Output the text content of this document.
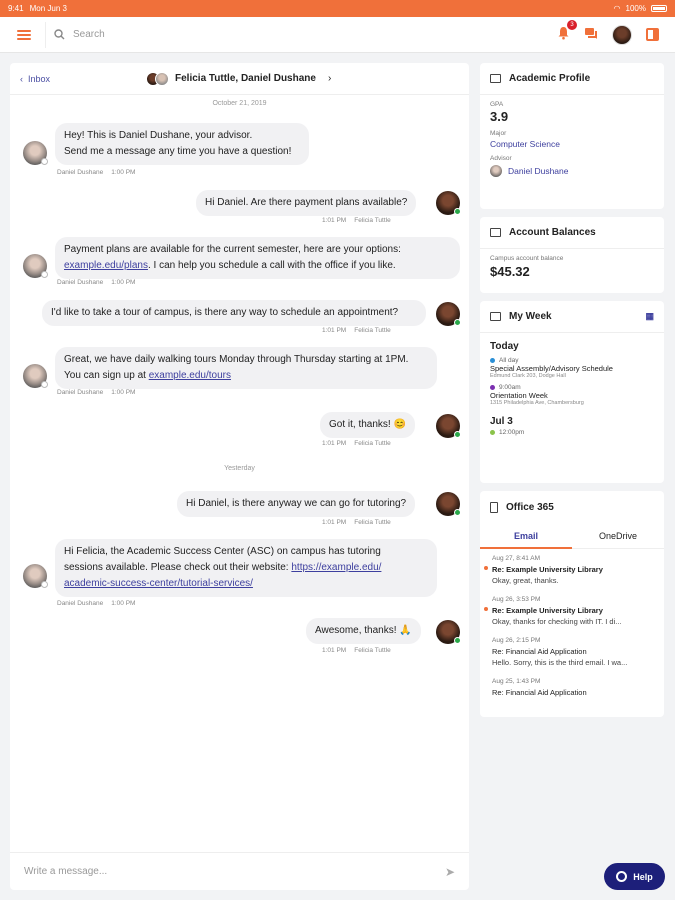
9:41 Mon Jun 3	◠ 100%
Search
3
‹ Inbox	Felicia Tuttle, Daniel Dushane ›
October 21, 2019
Hey! This is Daniel Dushane, your advisor.
Send me a message any time you have a question!
Daniel Dushane 1:00 PM
Hi Daniel. Are there payment plans available?
1:01 PM Felicia Tuttle
Payment plans are available for the current semester, here are your options:
example.edu/plans. I can help you schedule a call with the office if you like.
Daniel Dushane 1:00 PM
I'd like to take a tour of campus, is there any way to schedule an appointment?
1:01 PM Felicia Tuttle
Great, we have daily walking tours Monday through Thursday starting at 1PM.
You can sign up at example.edu/tours
Daniel Dushane 1:00 PM
Got it, thanks! 😊
1:01 PM Felicia Tuttle
Yesterday
Hi Daniel, is there anyway we can go for tutoring?
1:01 PM Felicia Tuttle
Hi Felicia, the Academic Success Center (ASC) on campus has tutoring
sessions available. Please check out their website: https://example.edu/
academic-success-center/tutorial-services/
Daniel Dushane 1:00 PM
Awesome, thanks! 🙏
1:01 PM Felicia Tuttle
Write a message...	➤
Academic Profile
GPA
3.9
Major
Computer Science
Advisor
Daniel Dushane
Account Balances
Campus account balance
$45.32
My Week	▦
Today
All day
Special Assembly/Advisory Schedule
Edmund Clark 203, Dodge Hall
9:00am
Orientation Week
1315 Philadelphia Ave, Chambersburg
Jul 3
12:00pm
Office 365
Email	OneDrive
Aug 27, 8:41 AM
Re: Example University Library
Okay, great, thanks.
Aug 26, 3:53 PM
Re: Example University Library
Okay, thanks for checking with IT. I di...
Aug 26, 2:15 PM
Re: Financial Aid Application
Hello. Sorry, this is the third email. I wa...
Aug 25, 1:43 PM
Re: Financial Aid Application
Help
